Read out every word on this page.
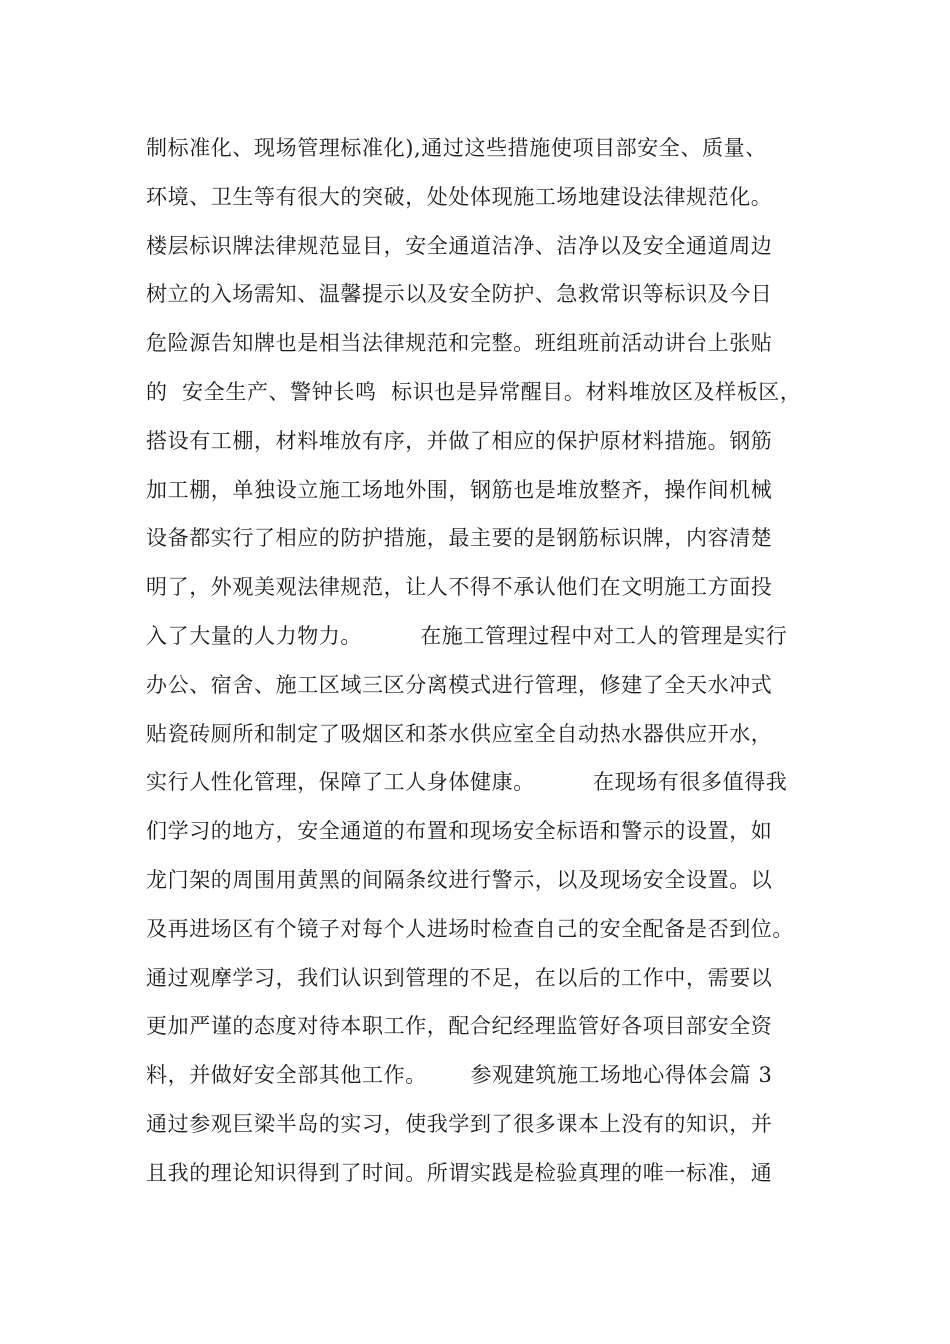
制标准化、现场管理标准化),通过这些措施使项目部安全、质量、
环境、卫生等有很大的突破，处处体现施工场地建设法律规范化。
楼层标识牌法律规范显目，安全通道洁净、洁净以及安全通道周边
树立的入场需知、温馨提示以及安全防护、急救常识等标识及今日
危险源告知牌也是相当法律规范和完整。班组班前活动讲台上张贴
的  安全生产、警钟长鸣  标识也是异常醒目。材料堆放区及样板区，
搭设有工棚，材料堆放有序，并做了相应的保护原材料措施。钢筋
加工棚，单独设立施工场地外围，钢筋也是堆放整齐，操作间机械
设备都实行了相应的防护措施，最主要的是钢筋标识牌，内容清楚
明了，外观美观法律规范，让人不得不承认他们在文明施工方面投
入了大量的人力物力。        在施工管理过程中对工人的管理是实行
办公、宿舍、施工区域三区分离模式进行管理，修建了全天水冲式
贴瓷砖厕所和制定了吸烟区和茶水供应室全自动热水器供应开水，
实行人性化管理，保障了工人身体健康。        在现场有很多值得我
们学习的地方，安全通道的布置和现场安全标语和警示的设置，如
龙门架的周围用黄黑的间隔条纹进行警示，以及现场安全设置。以
及再进场区有个镜子对每个人进场时检查自己的安全配备是否到位。
通过观摩学习，我们认识到管理的不足，在以后的工作中，需要以
更加严谨的态度对待本职工作，配合纪经理监管好各项目部安全资
料，并做好安全部其他工作。      参观建筑施工场地心得体会篇 3
通过参观巨梁半岛的实习，使我学到了很多课本上没有的知识，并
且我的理论知识得到了时间。所谓实践是检验真理的唯一标准，通
